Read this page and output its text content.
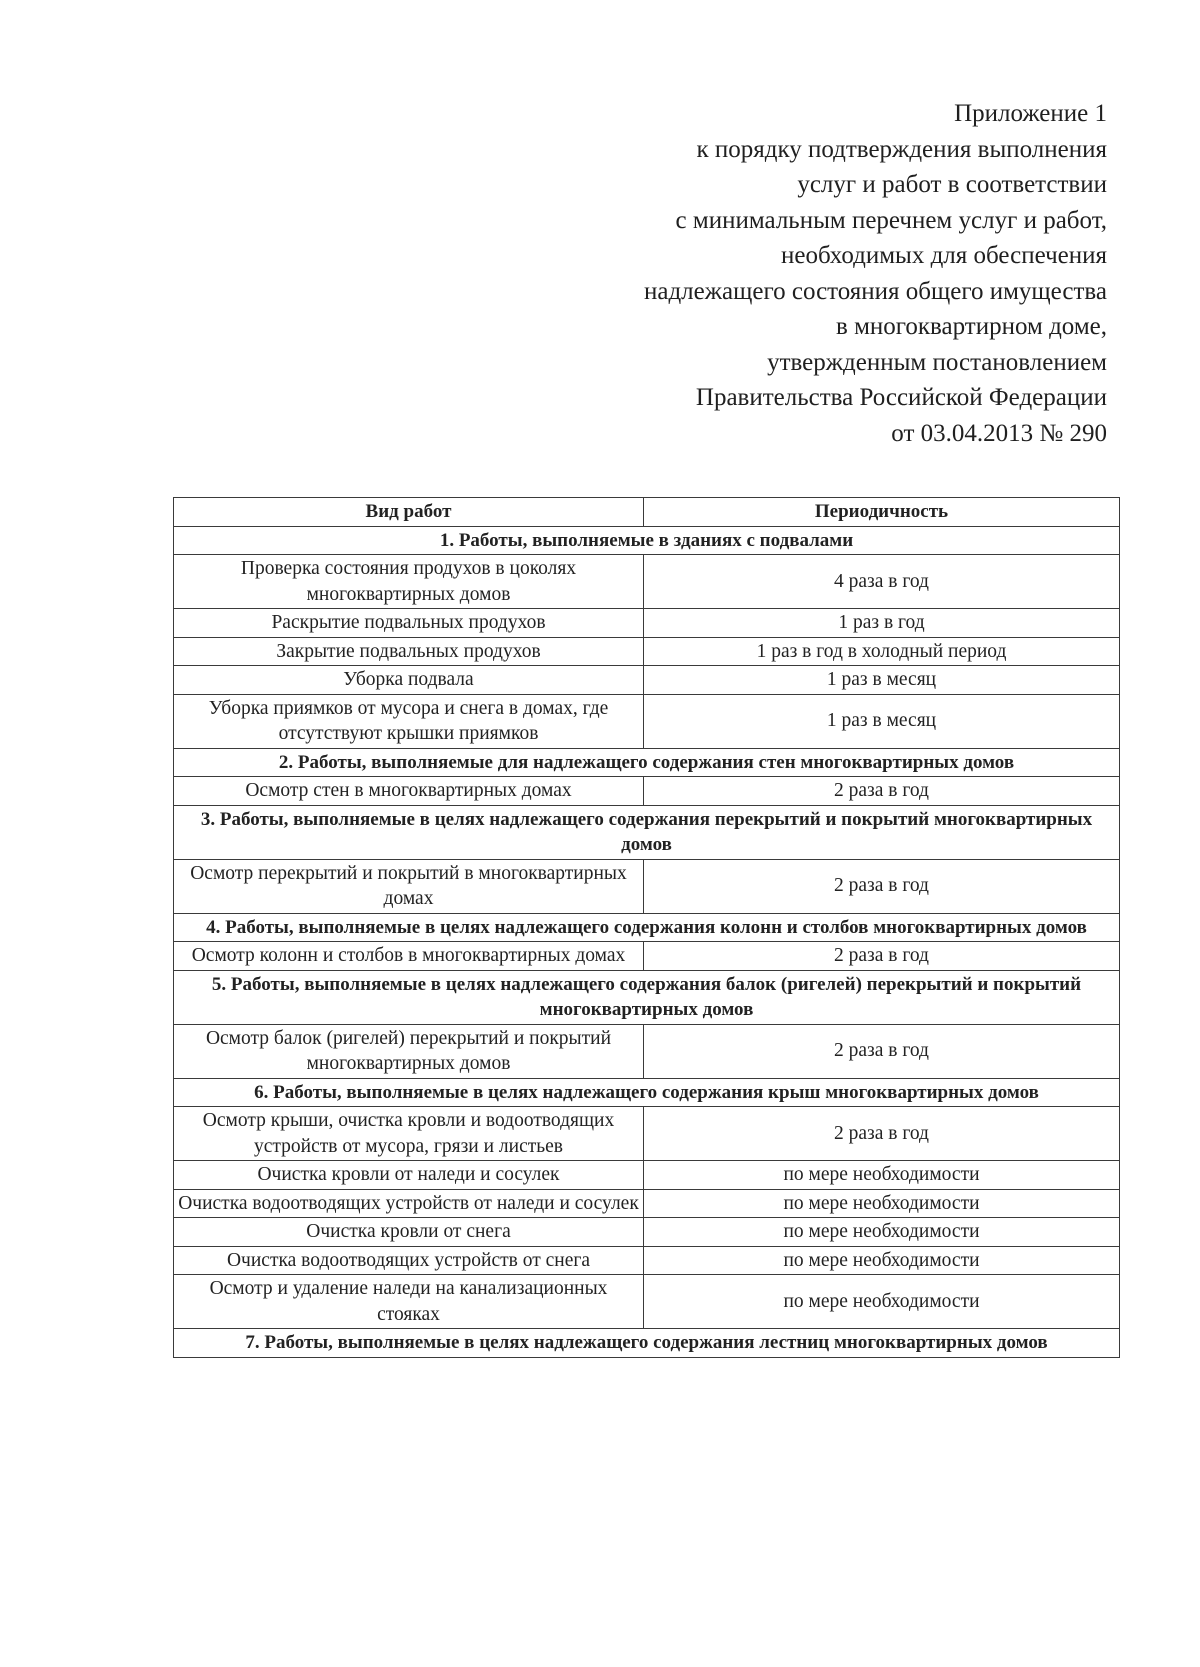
Приложение 1
к порядку подтверждения выполнения
услуг и работ в соответствии
с минимальным перечнем услуг и работ,
необходимых для обеспечения
надлежащего состояния общего имущества
в многоквартирном доме,
утвержденным постановлением
Правительства Российской Федерации
от 03.04.2013 № 290
Вид работ	Периодичность
1. Работы, выполняемые в зданиях с подвалами	
Проверка состояния продухов в цоколях многоквартирных домов	4 раза в год
Раскрытие подвальных продухов	1 раз в год
Закрытие подвальных продухов	1 раз в год в холодный период
Уборка подвала	1 раз в месяц
Уборка приямков от мусора и снега в домах, где отсутствуют крышки приямков	1 раз в месяц
2. Работы, выполняемые для надлежащего содержания стен многоквартирных домов	
Осмотр стен в многоквартирных домах	2 раза в год
3. Работы, выполняемые в целях надлежащего содержания перекрытий и покрытий многоквартирных домов	
Осмотр перекрытий и покрытий в многоквартирных домах	2 раза в год
4. Работы, выполняемые в целях надлежащего содержания колонн и столбов многоквартирных домов	
Осмотр колонн и столбов в многоквартирных домах	2 раза в год
5. Работы, выполняемые в целях надлежащего содержания балок (ригелей) перекрытий и покрытий многоквартирных домов	
Осмотр балок (ригелей) перекрытий и покрытий многоквартирных домов	2 раза в год
6. Работы, выполняемые в целях надлежащего содержания крыш многоквартирных домов	
Осмотр крыши, очистка кровли и водоотводящих устройств от мусора, грязи и листьев	2 раза в год
Очистка кровли от наледи и сосулек	по мере необходимости
Очистка водоотводящих устройств от наледи и сосулек	по мере необходимости
Очистка кровли от снега	по мере необходимости
Очистка водоотводящих устройств от снега	по мере необходимости
Осмотр и удаление наледи на канализационных стояках	по мере необходимости
7. Работы, выполняемые в целях надлежащего содержания лестниц многоквартирных домов	
